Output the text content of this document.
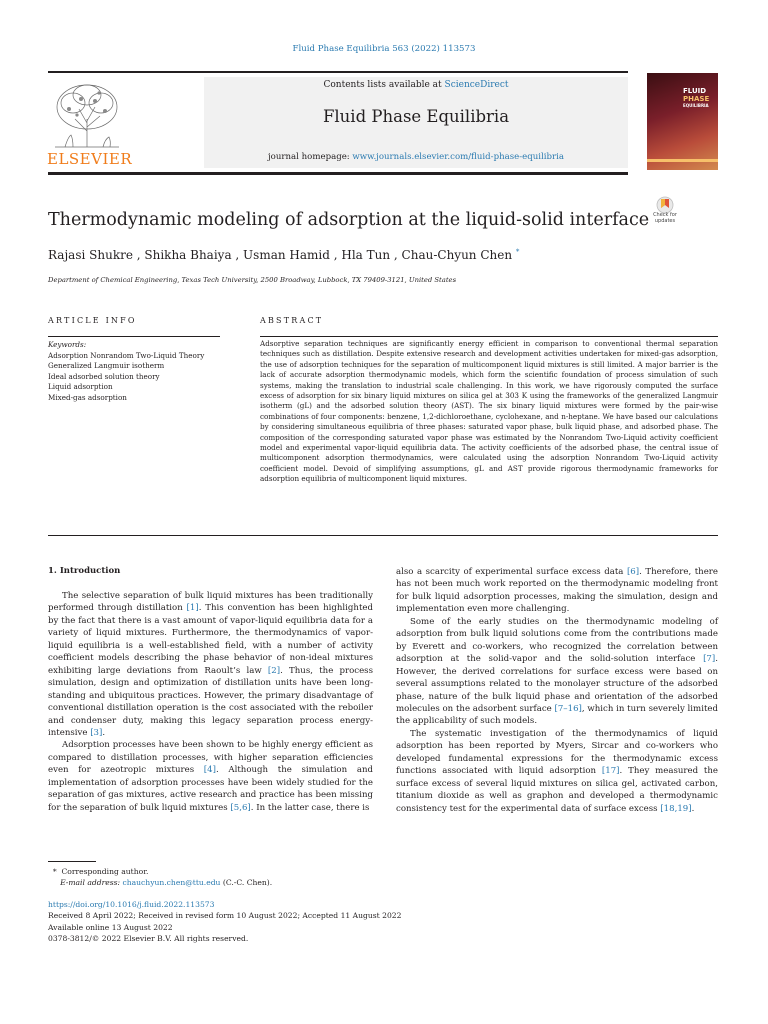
Fluid Phase Equilibria 563 (2022) 113573
ELSEVIER
Contents lists available at ScienceDirect
Fluid Phase Equilibria
journal homepage: www.journals.elsevier.com/fluid-phase-equilibria
FLUID
PHASE
EQUILIBRIA
Thermodynamic modeling of adsorption at the liquid-solid interface Check for updates
Rajasi Shukre , Shikha Bhaiya , Usman Hamid , Hla Tun , Chau-Chyun Chen *
Department of Chemical Engineering, Texas Tech University, 2500 Broadway, Lubbock, TX 79409-3121, United States
ARTICLE INFO	ABSTRACT
Keywords:
Adsorption Nonrandom Two-Liquid Theory
Generalized Langmuir isotherm
Ideal adsorbed solution theory
Liquid adsorption
Mixed-gas adsorption
Adsorptive separation techniques are significantly energy efficient in comparison to conventional thermal separation techniques such as distillation. Despite extensive research and development activities undertaken for mixed-gas adsorption, the use of adsorption techniques for the separation of multicomponent liquid mixtures is still limited. A major barrier is the lack of accurate adsorption thermodynamic models, which form the scientific foundation of process simulation of such systems, making the translation to industrial scale challenging. In this work, we have rigorously computed the surface excess of adsorption for six binary liquid mixtures on silica gel at 303 K using the frameworks of the generalized Langmuir isotherm (gL) and the adsorbed solution theory (AST). The six binary liquid mixtures were formed by the pair-wise combinations of four components: benzene, 1,2-dichloroethane, cyclohexane, and n-heptane. We have based our calculations by considering simultaneous equilibria of three phases: saturated vapor phase, bulk liquid phase, and adsorbed phase. The composition of the corresponding saturated vapor phase was estimated by the Nonrandom Two-Liquid activity coefficient model and experimental vapor-liquid equilibria data. The activity coefficients of the adsorbed phase, the central issue of multicomponent adsorption thermodynamics, were calculated using the adsorption Nonrandom Two-Liquid activity coefficient model. Devoid of simplifying assumptions, gL and AST provide rigorous thermodynamic frameworks for adsorption equilibria of multicomponent liquid mixtures.
1. Introduction

The selective separation of bulk liquid mixtures has been traditionally performed through distillation [1]. This convention has been highlighted by the fact that there is a vast amount of vapor-liquid equilibria data for a variety of liquid mixtures. Furthermore, the thermodynamics of vapor-liquid equilibria is a well-established field, with a number of activity coefficient models describing the phase behavior of non-ideal mixtures exhibiting large deviations from Raoult’s law [2]. Thus, the process simulation, design and optimization of distillation units have been long-standing and ubiquitous practices. However, the primary disadvantage of conventional distillation operation is the cost associated with the reboiler and condenser duty, making this legacy separation process energy-intensive [3].

Adsorption processes have been shown to be highly energy efficient as compared to distillation processes, with higher separation efficiencies even for azeotropic mixtures [4]. Although the simulation and implementation of adsorption processes have been widely studied for the separation of gas mixtures, active research and practice has been missing for the separation of bulk liquid mixtures [5,6]. In the latter case, there is

also a scarcity of experimental surface excess data [6]. Therefore, there has not been much work reported on the thermodynamic modeling front for bulk liquid adsorption processes, making the simulation, design and implementation even more challenging.

Some of the early studies on the thermodynamic modeling of adsorption from bulk liquid solutions come from the contributions made by Everett and co-workers, who recognized the correlation between adsorption at the solid-vapor and the solid-solution interface [7]. However, the derived correlations for surface excess were based on several assumptions related to the monolayer structure of the adsorbed phase, nature of the bulk liquid phase and orientation of the adsorbed molecules on the adsorbent surface [7–16], which in turn severely limited the applicability of such models.

The systematic investigation of the thermodynamics of liquid adsorption has been reported by Myers, Sircar and co-workers who developed fundamental expressions for the thermodynamic excess functions associated with liquid adsorption [17]. They measured the surface excess of several liquid mixtures on silica gel, activated carbon, titanium dioxide as well as graphon and developed a thermodynamic consistency test for the experimental data of surface excess [18,19].

* Corresponding author.
E-mail address: chauchyun.chen@ttu.edu (C.-C. Chen).
https://doi.org/10.1016/j.fluid.2022.113573
Received 8 April 2022; Received in revised form 10 August 2022; Accepted 11 August 2022
Available online 13 August 2022
0378-3812/© 2022 Elsevier B.V. All rights reserved.
